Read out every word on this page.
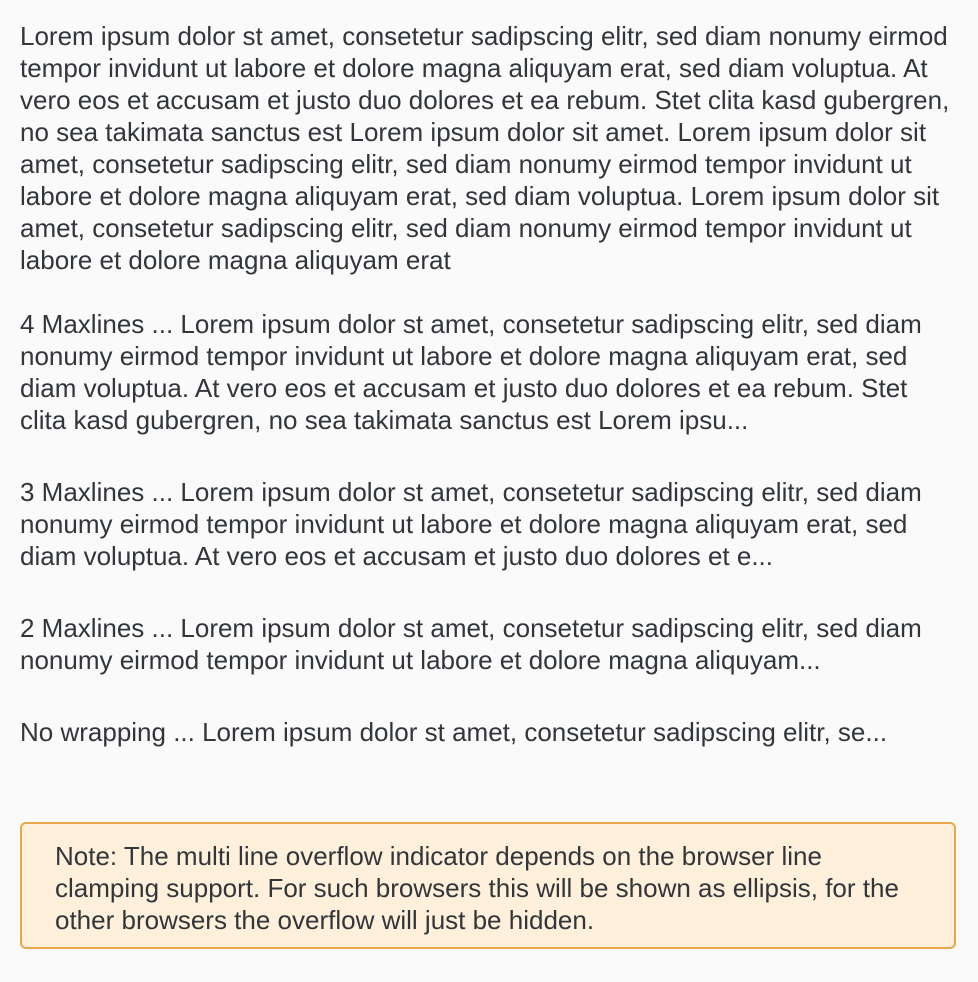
Lorem ipsum dolor st amet, consetetur sadipscing elitr, sed diam nonumy eirmod tempor invidunt ut labore et dolore magna aliquyam erat, sed diam voluptua. At vero eos et accusam et justo duo dolores et ea rebum. Stet clita kasd gubergren, no sea takimata sanctus est Lorem ipsum dolor sit amet. Lorem ipsum dolor sit amet, consetetur sadipscing elitr, sed diam nonumy eirmod tempor invidunt ut labore et dolore magna aliquyam erat, sed diam voluptua. Lorem ipsum dolor sit amet, consetetur sadipscing elitr, sed diam nonumy eirmod tempor invidunt ut labore et dolore magna aliquyam erat

4 Maxlines ... Lorem ipsum dolor st amet, consetetur sadipscing elitr, sed diam nonumy eirmod tempor invidunt ut labore et dolore magna aliquyam erat, sed diam voluptua. At vero eos et accusam et justo duo dolores et ea rebum. Stet clita kasd gubergren, no sea takimata sanctus est Lorem ipsu...

3 Maxlines ... Lorem ipsum dolor st amet, consetetur sadipscing elitr, sed diam nonumy eirmod tempor invidunt ut labore et dolore magna aliquyam erat, sed diam voluptua. At vero eos et accusam et justo duo dolores et e...

2 Maxlines ... Lorem ipsum dolor st amet, consetetur sadipscing elitr, sed diam nonumy eirmod tempor invidunt ut labore et dolore magna aliquyam...

No wrapping ... Lorem ipsum dolor st amet, consetetur sadipscing elitr, se...

Note: The multi line overflow indicator depends on the browser line clamping support. For such browsers this will be shown as ellipsis, for the other browsers the overflow will just be hidden.
